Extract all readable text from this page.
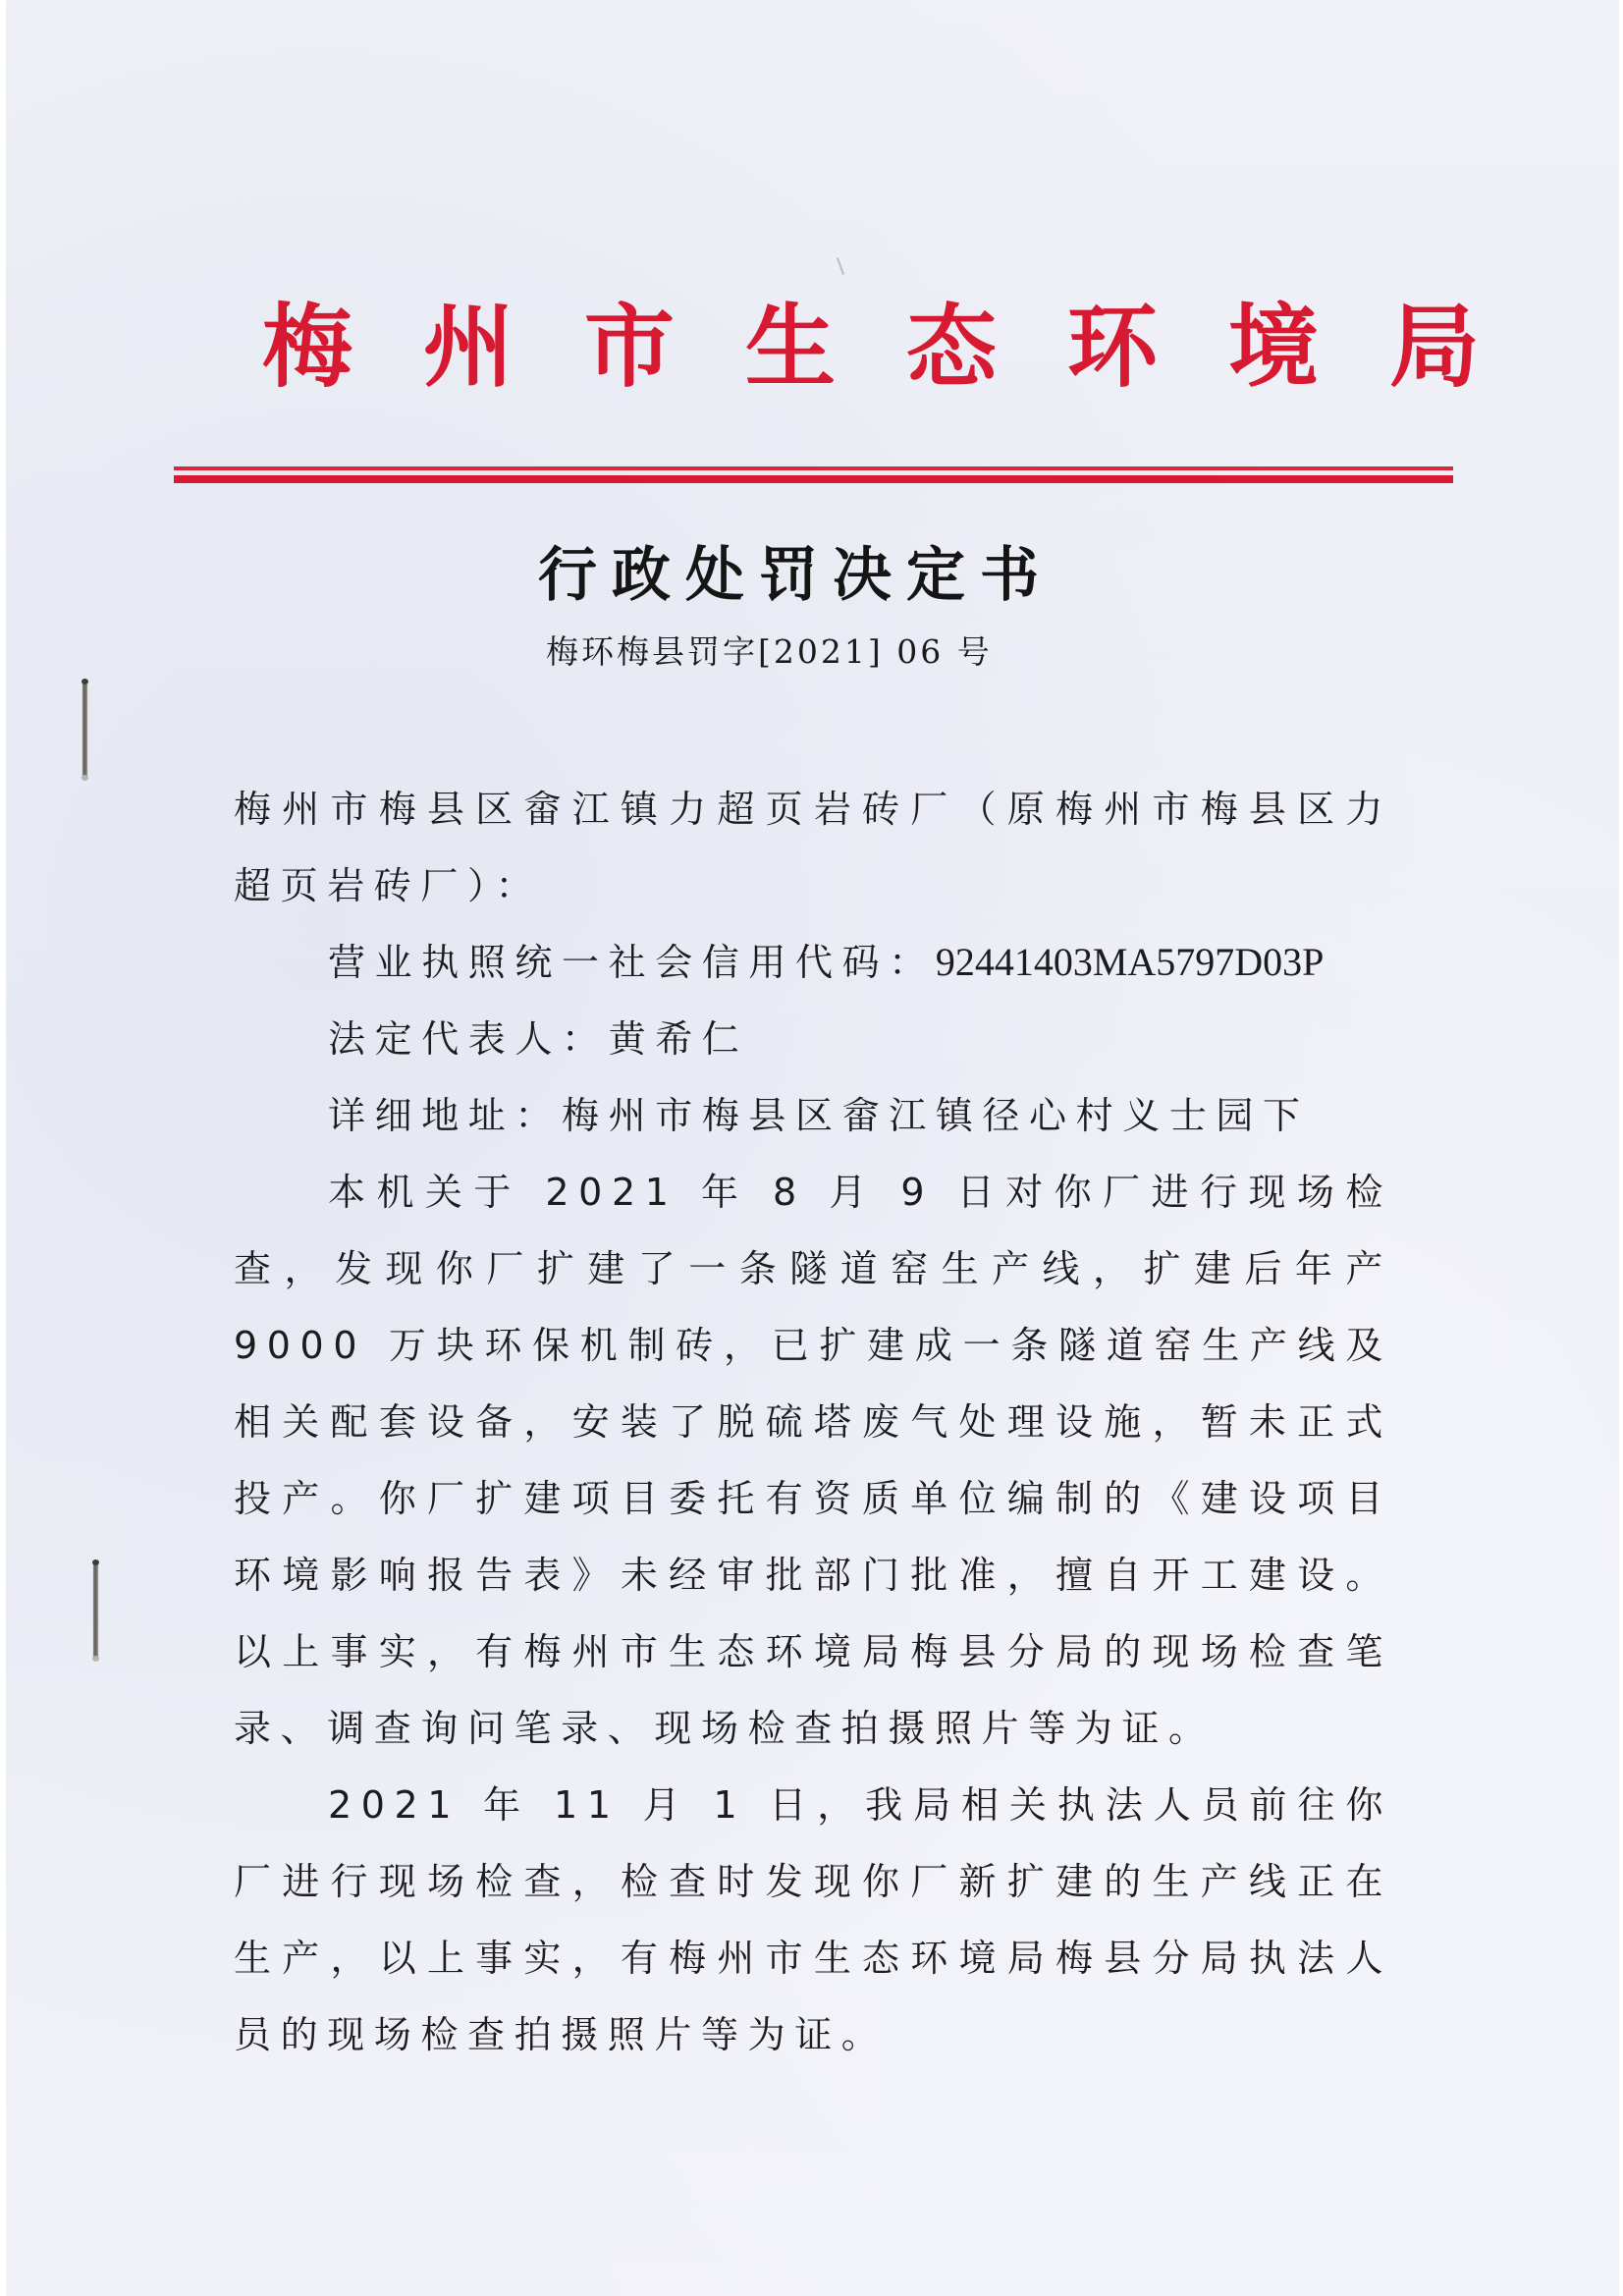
梅州市生态环境局
行政处罚决定书
梅环梅县罚字[2021] 06 号

梅州市梅县区畲江镇力超页岩砖厂（原梅州市梅县区力超页岩砖厂）：

营业执照统一社会信用代码：92441403MA5797D03P

法定代表人：黄希仁

详细地址：梅州市梅县区畲江镇径心村义士园下

本机关于 2021 年 8 月 9 日对你厂进行现场检查，发现你厂扩建了一条隧道窑生产线，扩建后年产 9000 万块环保机制砖，已扩建成一条隧道窑生产线及相关配套设备，安装了脱硫塔废气处理设施，暂未正式投产。你厂扩建项目委托有资质单位编制的《建设项目环境影响报告表》未经审批部门批准，擅自开工建设。以上事实，有梅州市生态环境局梅县分局的现场检查笔录、调查询问笔录、现场检查拍摄照片等为证。

2021 年 11 月 1 日，我局相关执法人员前往你厂进行现场检查，检查时发现你厂新扩建的生产线正在生产，以上事实，有梅州市生态环境局梅县分局执法人员的现场检查拍摄照片等为证。
